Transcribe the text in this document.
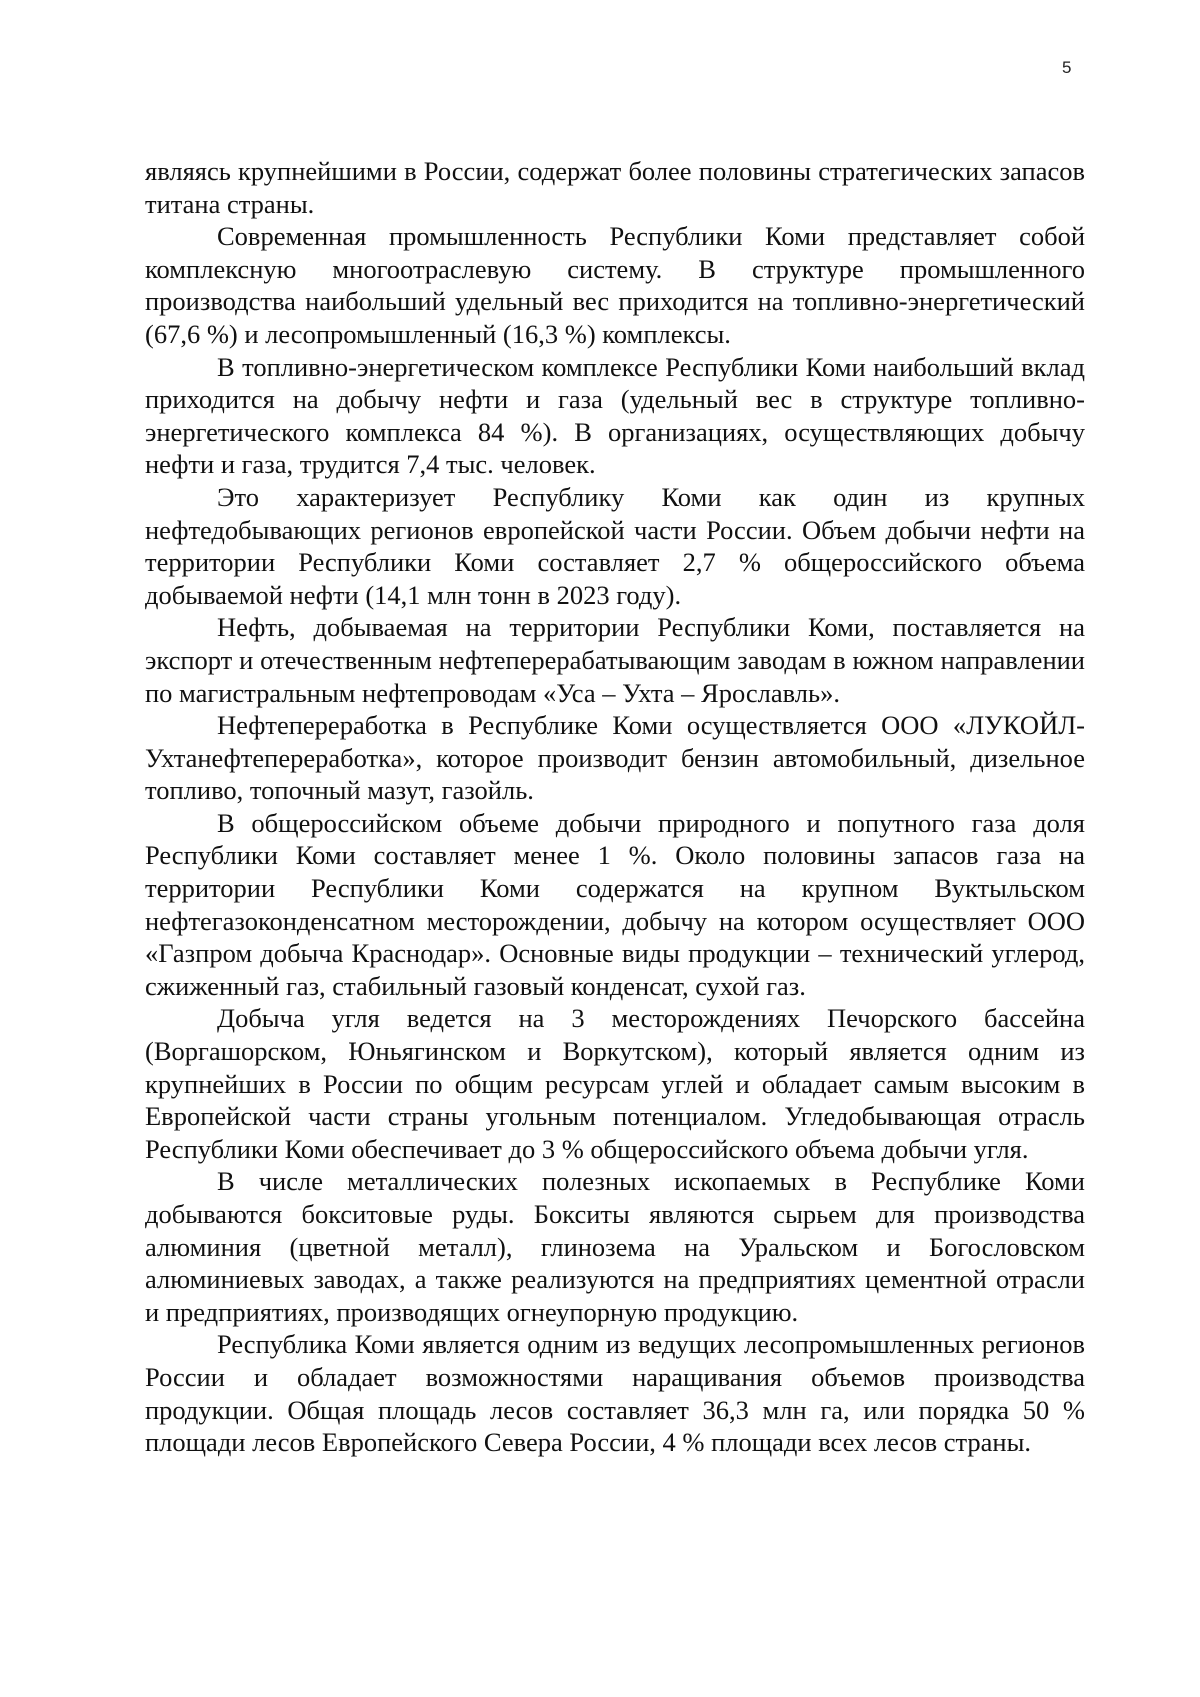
5

являясь крупнейшими в России, содержат более половины стратегических запасов титана страны.

Современная промышленность Республики Коми представляет собой комплексную многоотраслевую систему. В структуре промышленного производства наибольший удельный вес приходится на топливно-энергетический (67,6 %) и лесопромышленный (16,3 %) комплексы.

В топливно-энергетическом комплексе Республики Коми наибольший вклад приходится на добычу нефти и газа (удельный вес в структуре топливно-энергетического комплекса 84 %). В организациях, осуществляющих добычу нефти и газа, трудится 7,4 тыс. человек.

Это характеризует Республику Коми как один из крупных нефтедобывающих регионов европейской части России. Объем добычи нефти на территории Республики Коми составляет 2,7 % общероссийского объема добываемой нефти (14,1 млн тонн в 2023 году).

Нефть, добываемая на территории Республики Коми, поставляется на экспорт и отечественным нефтеперерабатывающим заводам в южном направлении по магистральным нефтепроводам «Уса – Ухта – Ярославль».

Нефтепереработка в Республике Коми осуществляется ООО «ЛУКОЙЛ-Ухтанефтепереработка», которое производит бензин автомобильный, дизельное топливо, топочный мазут, газойль.

В общероссийском объеме добычи природного и попутного газа доля Республики Коми составляет менее 1 %. Около половины запасов газа на территории Республики Коми содержатся на крупном Вуктыльском нефтегазоконденсатном месторождении, добычу на котором осуществляет ООО «Газпром добыча Краснодар». Основные виды продукции – технический углерод, сжиженный газ, стабильный газовый конденсат, сухой газ.

Добыча угля ведется на 3 месторождениях Печорского бассейна (Воргашорском, Юньягинском и Воркутском), который является одним из крупнейших в России по общим ресурсам углей и обладает самым высоким в Европейской части страны угольным потенциалом. Угледобывающая отрасль Республики Коми обеспечивает до 3 % общероссийского объема добычи угля.

В числе металлических полезных ископаемых в Республике Коми добываются бокситовые руды. Бокситы являются сырьем для производства алюминия (цветной металл), глинозема на Уральском и Богословском алюминиевых заводах, а также реализуются на предприятиях цементной отрасли и предприятиях, производящих огнеупорную продукцию.

Республика Коми является одним из ведущих лесопромышленных регионов России и обладает возможностями наращивания объемов производства продукции. Общая площадь лесов составляет 36,3 млн га, или порядка 50 % площади лесов Европейского Севера России, 4 % площади всех лесов страны.
